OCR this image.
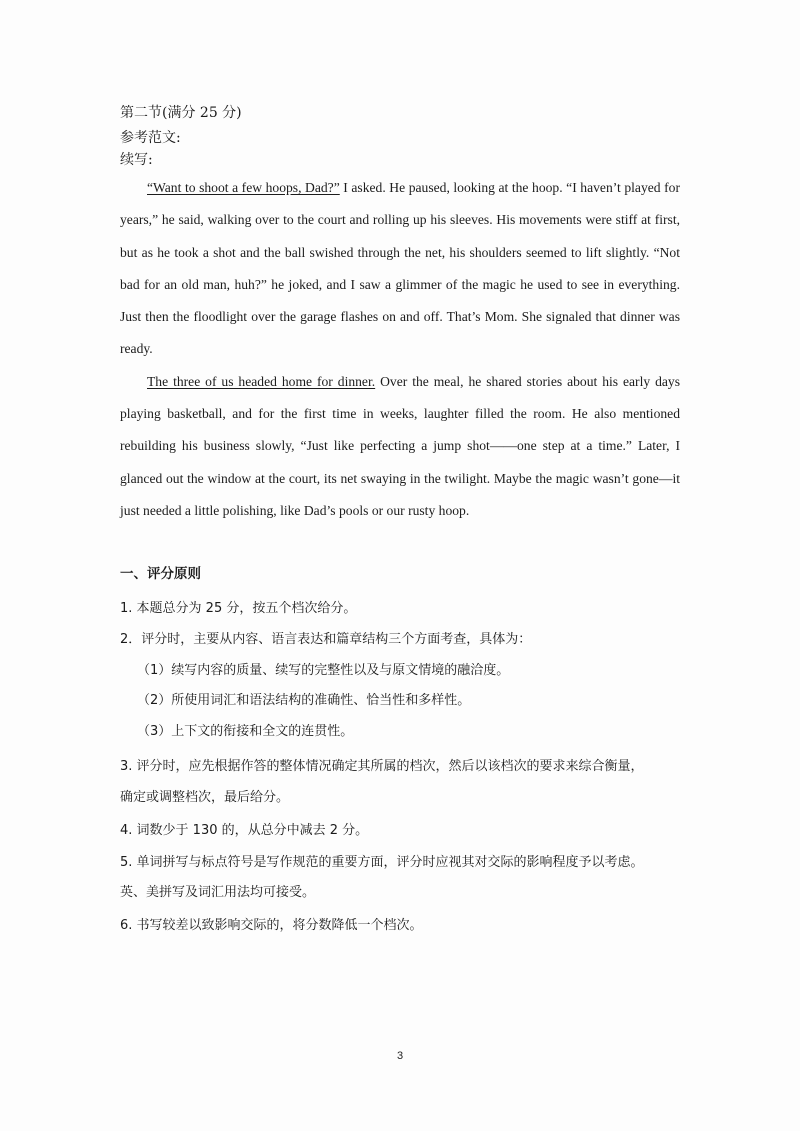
第二节(满分 25 分)
参考范文:
续写:

“Want to shoot a few hoops, Dad?” I asked. He paused, looking at the hoop. “I haven’t played for years,” he said, walking over to the court and rolling up his sleeves. His movements were stiff at first, but as he took a shot and the ball swished through the net, his shoulders seemed to lift slightly. “Not bad for an old man, huh?” he joked, and I saw a glimmer of the magic he used to see in everything. Just then the floodlight over the garage flashes on and off. That’s Mom. She signaled that dinner was ready.

The three of us headed home for dinner. Over the meal, he shared stories about his early days playing basketball, and for the first time in weeks, laughter filled the room. He also mentioned rebuilding his business slowly, “Just like perfecting a jump shot——one step at a time.” Later, I glanced out the window at the court, its net swaying in the twilight. Maybe the magic wasn’t gone—it just needed a little polishing, like Dad’s pools or our rusty hoop.

一、评分原则
1. 本题总分为 25 分，按五个档次给分。
2．评分时，主要从内容、语言表达和篇章结构三个方面考查，具体为：
（1）续写内容的质量、续写的完整性以及与原文情境的融洽度。
（2）所使用词汇和语法结构的准确性、恰当性和多样性。
（3）上下文的衔接和全文的连贯性。
3. 评分时，应先根据作答的整体情况确定其所属的档次，然后以该档次的要求来综合衡量，
确定或调整档次，最后给分。
4. 词数少于 130 的，从总分中减去 2 分。
5. 单词拼写与标点符号是写作规范的重要方面，评分时应视其对交际的影响程度予以考虑。
英、美拼写及词汇用法均可接受。
6. 书写较差以致影响交际的，将分数降低一个档次。
3
